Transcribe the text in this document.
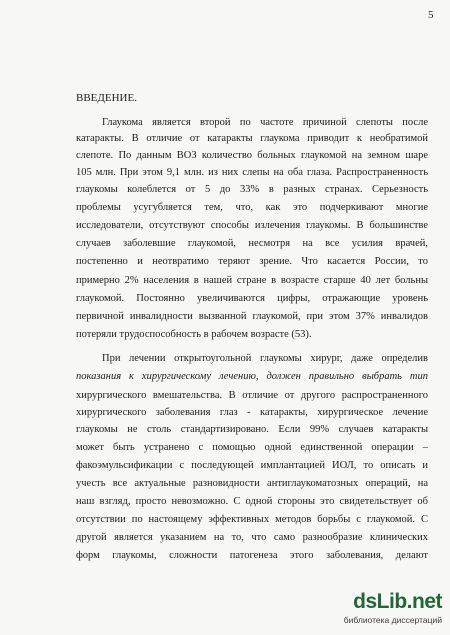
5
ВВЕДЕНИЕ.
Глаукома является второй по частоте причиной слепоты после
катаракты. В отличие от катаракты глаукома приводит к необратимой
слепоте. По данным ВОЗ количество больных глаукомой на земном шаре
105 млн. При этом 9,1 млн. из них слепы на оба глаза. Распространенность
глаукомы колеблется от 5 до 33% в разных странах. Серьезность
проблемы усугубляется тем, что, как это подчеркивают многие
исследователи, отсутствуют способы излечения глаукомы. В большинстве
случаев заболевшие глаукомой, несмотря на все усилия врачей,
постепенно и неотвратимо теряют зрение. Что касается России, то
примерно 2% населения в нашей стране в возрасте старше 40 лет больны
глаукомой. Постоянно увеличиваются цифры, отражающие уровень
первичной инвалидности вызванной глаукомой, при этом 37% инвалидов
потеряли трудоспособность в рабочем возрасте (53).
При лечении открытоугольной глаукомы хирург, даже определив
показания к хирургическому лечению, должен правильно выбрать тип
хирургического вмешательства. В отличие от другого распространенного
хирургического заболевания глаз - катаракты, хирургическое лечение
глаукомы не столь стандартизировано. Если 99% случаев катаракты
может быть устранено с помощью одной единственной операции –
факоэмульсификации с последующей имплантацией ИОЛ, то описать и
учесть все актуальные разновидности антиглаукоматозных операций, на
наш взгляд, просто невозможно. С одной стороны это свидетельствует об
отсутствии по настоящему эффективных методов борьбы с глаукомой. С
другой является указанием на то, что само разнообразие клинических
форм глаукомы, сложности патогенеза этого заболевания, делают
dsLib.net
библиотека диссертаций
